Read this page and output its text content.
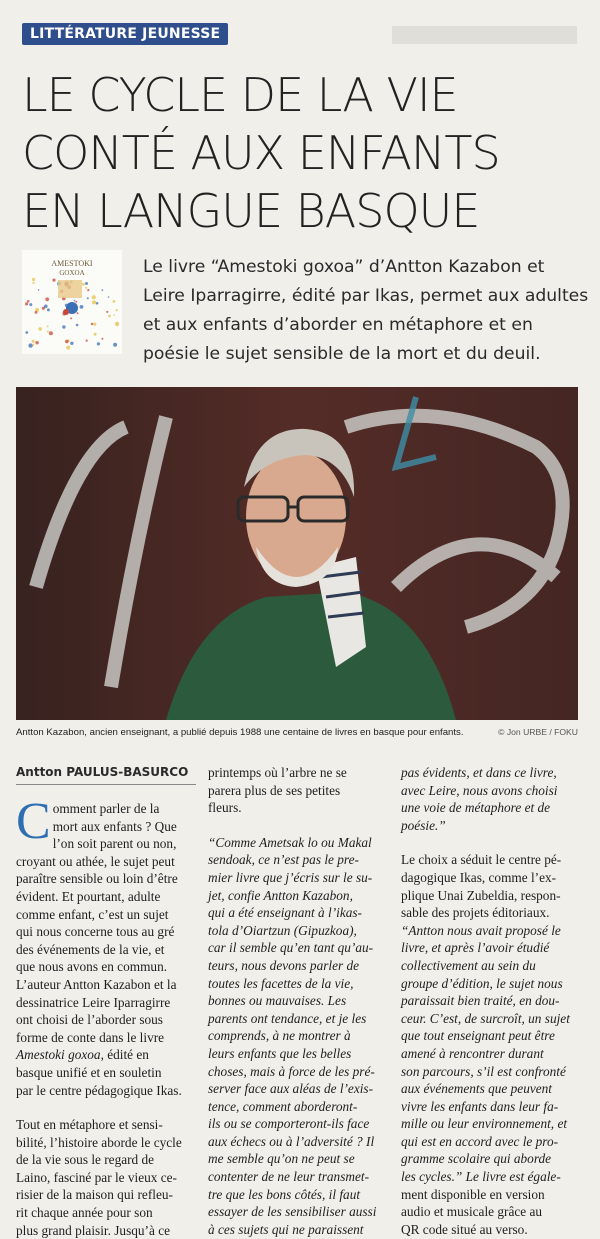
LITTÉRATURE JEUNESSE
LE CYCLE DE LA VIE
CONTÉ AUX ENFANTS
EN LANGUE BASQUE
AMESTOKI
GOXOA	Le livre “Amestoki goxoa” d’Antton Kazabon et
Leire Iparragirre, édité par Ikas, permet aux adultes
et aux enfants d’aborder en métaphore et en
poésie le sujet sensible de la mort et du deuil.

Antton Kazabon, ancien enseignant, a publié depuis 1988 une centaine de livres en basque pour enfants.	© Jon URBE / FOKU
Antton PAULUS-BASURCO
C omment parler de la
mort aux enfants ? Que
l’on soit parent ou non,
croyant ou athée, le sujet peut
paraître sensible ou loin d’être
évident. Et pourtant, adulte
comme enfant, c’est un sujet
qui nous concerne tous au gré
des événements de la vie, et
que nous avons en commun.
L’auteur Antton Kazabon et la
dessinatrice Leire Iparragirre
ont choisi de l’aborder sous
forme de conte dans le livre
Amestoki goxoa, édité en
basque unifié et en souletin
par le centre pédagogique Ikas.
Tout en métaphore et sensi-
bilité, l’histoire aborde le cycle
de la vie sous le regard de
Laino, fasciné par le vieux ce-
risier de la maison qui refleu-
rit chaque année pour son
plus grand plaisir. Jusqu’à ce
printemps où l’arbre ne se
parera plus de ses petites
fleurs.
“Comme Ametsak lo ou Makal
sendoak, ce n’est pas le pre-
mier livre que j’écris sur le su-
jet, confie Antton Kazabon,
qui a été enseignant à l’ikas-
tola d’Oiartzun (Gipuzkoa),
car il semble qu’en tant qu’au-
teurs, nous devons parler de
toutes les facettes de la vie,
bonnes ou mauvaises. Les
parents ont tendance, et je les
comprends, à ne montrer à
leurs enfants que les belles
choses, mais à force de les pré-
server face aux aléas de l’exis-
tence, comment aborderont-
ils ou se comporteront-ils face
aux échecs ou à l’adversité ? Il
me semble qu’on ne peut se
contenter de ne leur transmet-
tre que les bons côtés, il faut
essayer de les sensibiliser aussi
à ces sujets qui ne paraissent
pas évidents, et dans ce livre,
avec Leire, nous avons choisi
une voie de métaphore et de
poésie.”
Le choix a séduit le centre pé-
dagogique Ikas, comme l’ex-
plique Unai Zubeldia, respon-
sable des projets éditoriaux.
“Antton nous avait proposé le
livre, et après l’avoir étudié
collectivement au sein du
groupe d’édition, le sujet nous
paraissait bien traité, en dou-
ceur. C’est, de surcroît, un sujet
que tout enseignant peut être
amené à rencontrer durant
son parcours, s’il est confronté
aux événements que peuvent
vivre les enfants dans leur fa-
mille ou leur environnement, et
qui est en accord avec le pro-
gramme scolaire qui aborde
les cycles.” Le livre est égale-
ment disponible en version
audio et musicale grâce au
QR code situé au verso.
